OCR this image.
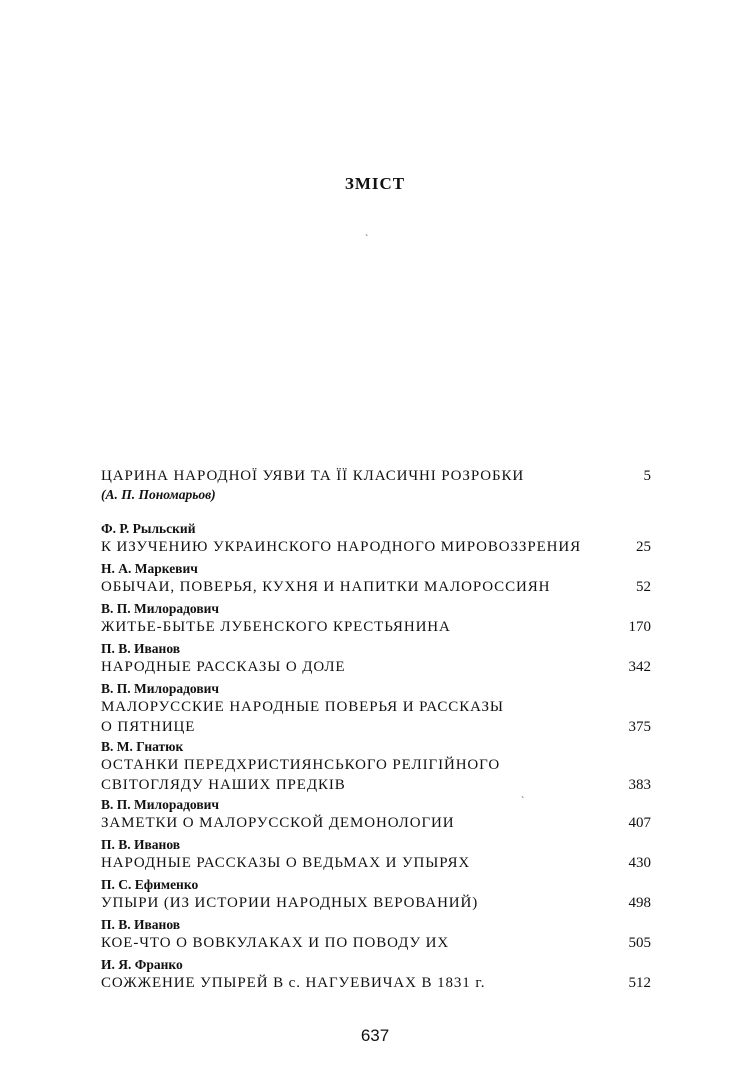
ЗМІСТ
ЦАРИНА НАРОДНОЇ УЯВИ ТА ЇЇ КЛАСИЧНІ РОЗРОБКИ	5
(А. П. Пономарьов)
Ф. Р. Рыльский
К ИЗУЧЕНИЮ УКРАИНСКОГО НАРОДНОГО МИРОВОЗЗРЕНИЯ	25
Н. А. Маркевич
ОБЫЧАИ, ПОВЕРЬЯ, КУХНЯ И НАПИТКИ МАЛОРОССИЯН	52
В. П. Милорадович
ЖИТЬЕ-БЫТЬЕ ЛУБЕНСКОГО КРЕСТЬЯНИНА	170
П. В. Иванов
НАРОДНЫЕ РАССКАЗЫ О ДОЛЕ	342
В. П. Милорадович
МАЛОРУССКИЕ НАРОДНЫЕ ПОВЕРЬЯ И РАССКАЗЫ
О ПЯТНИЦЕ	375
В. М. Гнатюк
ОСТАНКИ ПЕРЕДХРИСТИЯНСЬКОГО РЕЛІГІЙНОГО
СВІТОГЛЯДУ НАШИХ ПРЕДКІВ	383
В. П. Милорадович
ЗАМЕТКИ О МАЛОРУССКОЙ ДЕМОНОЛОГИИ	407
П. В. Иванов
НАРОДНЫЕ РАССКАЗЫ О ВЕДЬМАХ И УПЫРЯХ	430
П. С. Ефименко
УПЫРИ (ИЗ ИСТОРИИ НАРОДНЫХ ВЕРОВАНИЙ)	498
П. В. Иванов
КОЕ-ЧТО О ВОВКУЛАКАХ И ПО ПОВОДУ ИХ	505
И. Я. Франко
СОЖЖЕНИЕ УПЫРЕЙ В с. НАГУЕВИЧАХ В 1831 г.	512
ˋ
ˋ
637
